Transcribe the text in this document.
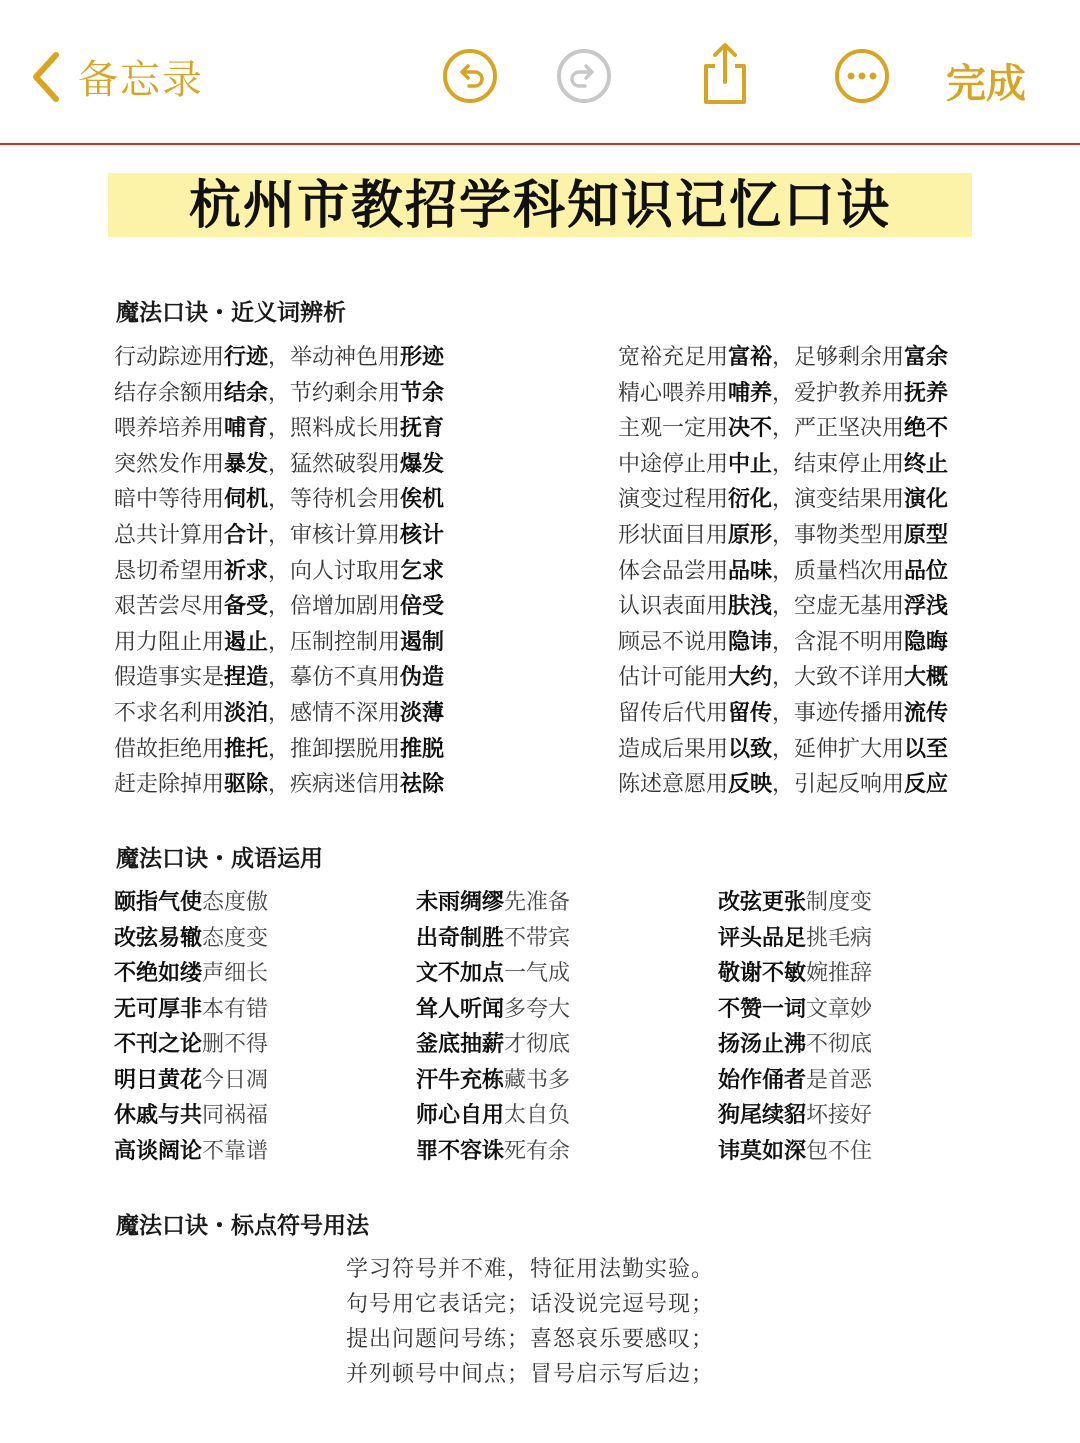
备忘录	完成
杭州市教招学科知识记忆口诀
魔法口诀・近义词辨析
行动踪迹用行迹，举动神色用形迹
结存余额用结余，节约剩余用节余
喂养培养用哺育，照料成长用抚育
突然发作用暴发，猛然破裂用爆发
暗中等待用伺机，等待机会用俟机
总共计算用合计，审核计算用核计
恳切希望用祈求，向人讨取用乞求
艰苦尝尽用备受，倍增加剧用倍受
用力阻止用遏止，压制控制用遏制
假造事实是捏造，摹仿不真用伪造
不求名利用淡泊，感情不深用淡薄
借故拒绝用推托，推卸摆脱用推脱
赶走除掉用驱除，疾病迷信用祛除
宽裕充足用富裕，足够剩余用富余
精心喂养用哺养，爱护教养用抚养
主观一定用决不，严正坚决用绝不
中途停止用中止，结束停止用终止
演变过程用衍化，演变结果用演化
形状面目用原形，事物类型用原型
体会品尝用品味，质量档次用品位
认识表面用肤浅，空虚无基用浮浅
顾忌不说用隐讳，含混不明用隐晦
估计可能用大约，大致不详用大概
留传后代用留传，事迹传播用流传
造成后果用以致，延伸扩大用以至
陈述意愿用反映，引起反响用反应
魔法口诀・成语运用
颐指气使态度傲
改弦易辙态度变
不绝如缕声细长
无可厚非本有错
不刊之论删不得
明日黄花今日凋
休戚与共同祸福
高谈阔论不靠谱
未雨绸缪先准备
出奇制胜不带宾
文不加点一气成
耸人听闻多夸大
釜底抽薪才彻底
汗牛充栋藏书多
师心自用太自负
罪不容诛死有余
改弦更张制度变
评头品足挑毛病
敬谢不敏婉推辞
不赞一词文章妙
扬汤止沸不彻底
始作俑者是首恶
狗尾续貂坏接好
讳莫如深包不住
魔法口诀・标点符号用法
学习符号并不难，特征用法勤实验。
句号用它表话完；话没说完逗号现；
提出问题问号练；喜怒哀乐要感叹；
并列顿号中间点；冒号启示写后边；
